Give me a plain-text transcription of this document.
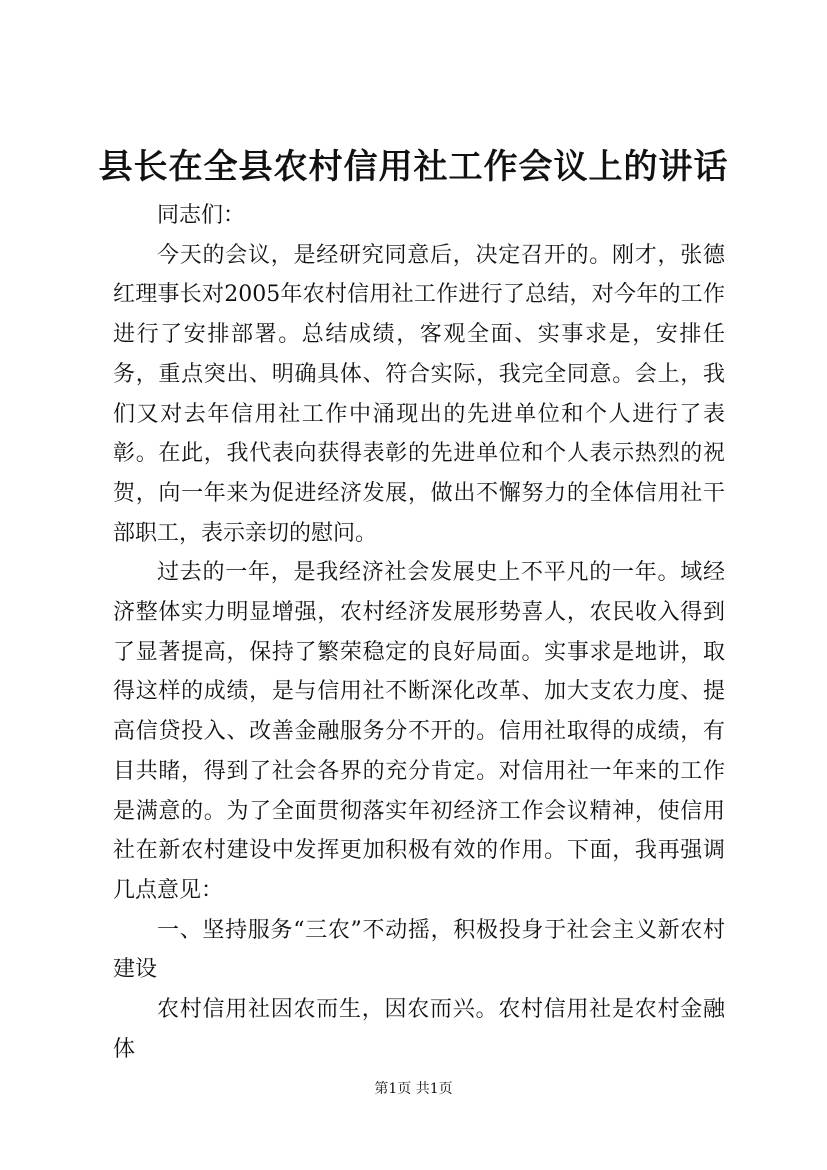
县长在全县农村信用社工作会议上的讲话

同志们：

今天的会议，是经研究同意后，决定召开的。刚才，张德红理事长对2005年农村信用社工作进行了总结，对今年的工作进行了安排部署。总结成绩，客观全面、实事求是，安排任务，重点突出、明确具体、符合实际，我完全同意。会上，我们又对去年信用社工作中涌现出的先进单位和个人进行了表彰。在此，我代表向获得表彰的先进单位和个人表示热烈的祝贺，向一年来为促进经济发展，做出不懈努力的全体信用社干部职工，表示亲切的慰问。

过去的一年，是我经济社会发展史上不平凡的一年。域经济整体实力明显增强，农村经济发展形势喜人，农民收入得到了显著提高，保持了繁荣稳定的良好局面。实事求是地讲，取得这样的成绩，是与信用社不断深化改革、加大支农力度、提高信贷投入、改善金融服务分不开的。信用社取得的成绩，有目共睹，得到了社会各界的充分肯定。对信用社一年来的工作是满意的。为了全面贯彻落实年初经济工作会议精神，使信用社在新农村建设中发挥更加积极有效的作用。下面，我再强调几点意见：

一、坚持服务“三农”不动摇，积极投身于社会主义新农村建设

农村信用社因农而生，因农而兴。农村信用社是农村金融体

第1页 共1页
